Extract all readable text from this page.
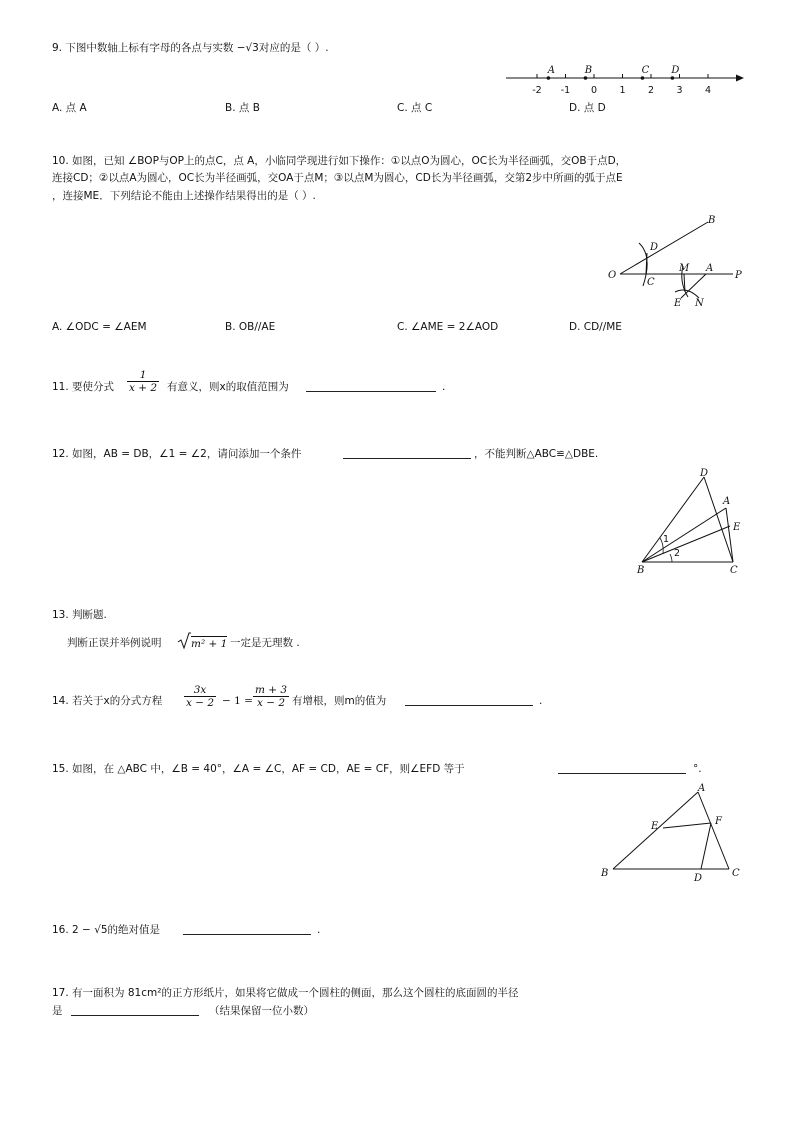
9. 下图中数轴上标有字母的各点与实数 −√3对应的是（ ）.
-2 -1 0 1 2 3 4
A	B	C D
A. 点 A	B. 点 B	C. 点 C	D. 点 D
10. 如图，已知 ∠BOP与OP上的点C，点 A，小临同学现进行如下操作：①以点O为圆心，OC长为半径画弧，交OB于点D，
连接CD；②以点A为圆心，OC长为半径画弧，交OA于点M；③以点M为圆心，CD长为半径画弧，交第2步中所画的弧于点E
，连接ME．下列结论不能由上述操作结果得出的是（ ）.
B
D
O
C
M A
P
E N
A. ∠ODC = ∠AEM	B. OB//AE	C. ∠AME = 2∠AOD	D. CD//ME
11. 要使分式
1
x + 2 有意义，则x的取值范围为	.
12. 如图，AB = DB，∠1 = ∠2，请问添加一个条件	，不能判断△ABC≌△DBE.
D
A
E
1
2
B	C
13. 判断题.
判断正误并举例说明	m² + 1 一定是无理数 .
14. 若关于x的分式方程
3x
x − 2 − 1 =
m + 3
x − 2 有增根，则m的值为	.
15. 如图，在 △ABC 中，∠B = 40°，∠A = ∠C，AF = CD，AE = CF，则∠EFD 等于	°.
A
E	F
B	D	C
16. 2 − √5的绝对值是	.
17. 有一面积为 81cm²的正方形纸片，如果将它做成一个圆柱的侧面，那么这个圆柱的底面圆的半径
是	（结果保留一位小数）
